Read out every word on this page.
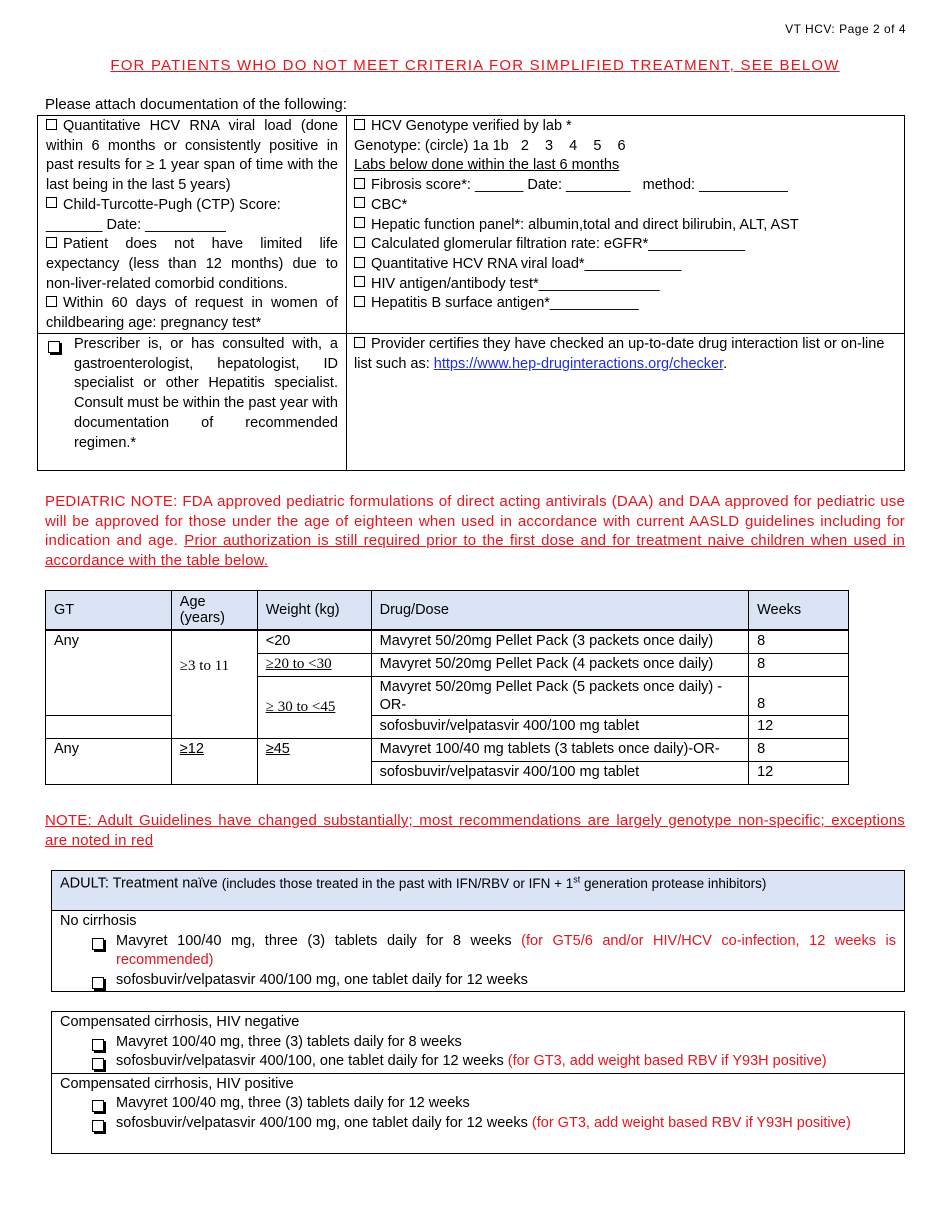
VT HCV: Page 2 of 4
FOR PATIENTS WHO DO NOT MEET CRITERIA FOR SIMPLIFIED TREATMENT, SEE BELOW
Please attach documentation of the following:
Quantitative HCV RNA viral load (done within 6 months or consistently positive in past results for ≥ 1 year span of time with the last being in the last 5 years)
Child-Turcotte-Pugh (CTP) Score: _______ Date: __________
Patient does not have limited life expectancy (less than 12 months) due to non-liver-related comorbid conditions.
Within 60 days of request in women of childbearing age: pregnancy test*
HCV Genotype verified by lab *
Genotype: (circle) 1a 1b   2    3    4    5    6
Labs below done within the last 6 months
Fibrosis score*: ______ Date: ________   method: ___________
CBC*
Hepatic function panel*: albumin,total and direct bilirubin, ALT, AST
Calculated glomerular filtration rate: eGFR*____________
Quantitative HCV RNA viral load*____________
HIV antigen/antibody test*_______________
Hepatitis B surface antigen*___________
Prescriber is, or has consulted with, a gastroenterologist, hepatologist, ID specialist or other Hepatitis specialist. Consult must be within the past year with documentation of recommended regimen.*
Provider certifies they have checked an up-to-date drug interaction list or on-line list such as: https://www.hep-druginteractions.org/checker.
PEDIATRIC NOTE: FDA approved pediatric formulations of direct acting antivirals (DAA) and DAA approved for pediatric use will be approved for those under the age of eighteen when used in accordance with current AASLD guidelines including for indication and age. Prior authorization is still required prior to the first dose and for treatment naive children when used in accordance with the table below.
GT	Age (years)	Weight (kg)	Drug/Dose	Weeks
Any	≥3 to 11	<20	Mavyret 50/20mg Pellet Pack (3 packets once daily)	8
		≥20 to <30	Mavyret 50/20mg Pellet Pack (4 packets once daily)	8
		≥ 30 to <45	Mavyret 50/20mg Pellet Pack (5 packets once daily) -OR-	8
			sofosbuvir/velpatasvir 400/100 mg tablet	12
Any	≥12	≥45	Mavyret 100/40 mg tablets (3 tablets once daily)-OR-	8
			sofosbuvir/velpatasvir 400/100 mg tablet	12
NOTE: Adult Guidelines have changed substantially; most recommendations are largely genotype non-specific; exceptions are noted in red
ADULT: Treatment naïve (includes those treated in the past with IFN/RBV or IFN + 1st generation protease inhibitors)
No cirrhosis
Mavyret 100/40 mg, three (3) tablets daily for 8 weeks (for GT5/6 and/or HIV/HCV co-infection, 12 weeks is recommended)
sofosbuvir/velpatasvir 400/100 mg, one tablet daily for 12 weeks
Compensated cirrhosis, HIV negative
Mavyret 100/40 mg, three (3) tablets daily for 8 weeks
sofosbuvir/velpatasvir 400/100, one tablet daily for 12 weeks (for GT3, add weight based RBV if Y93H positive)
Compensated cirrhosis, HIV positive
Mavyret 100/40 mg, three (3) tablets daily for 12 weeks
sofosbuvir/velpatasvir 400/100 mg, one tablet daily for 12 weeks (for GT3, add weight based RBV if Y93H positive)
